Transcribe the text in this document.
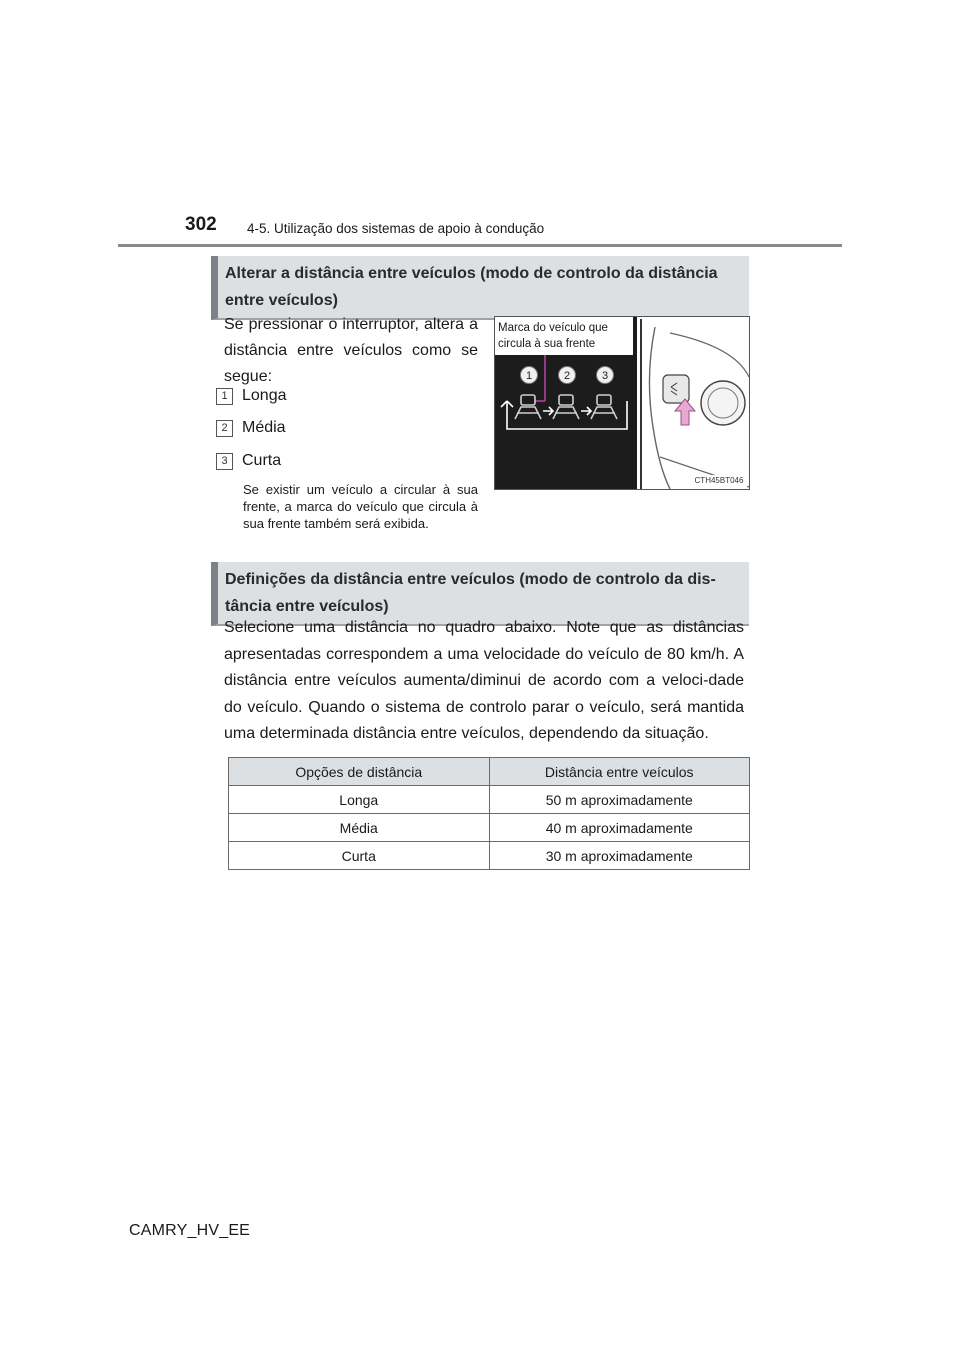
302 4-5. Utilização dos sistemas de apoio à condução
Alterar a distância entre veículos (modo de controlo da distância entre veículos)
Se pressionar o interruptor, altera a distância entre veículos como se segue:
1 Longa
2 Média
3 Curta
Se existir um veículo a circular à sua frente, a marca do veículo que circula à sua frente também será exibida.
1	2	3
Marca do veículo que circula à sua frente
CTH45BT046
Definições da distância entre veículos (modo de controlo da dis-tância entre veículos)
Selecione uma distância no quadro abaixo. Note que as distâncias apresentadas correspondem a uma velocidade do veículo de 80 km/h. A distância entre veículos aumenta/diminui de acordo com a veloci-dade do veículo. Quando o sistema de controlo parar o veículo, será mantida uma determinada distância entre veículos, dependendo da situação.
Opções de distância	Distância entre veículos
Longa	50 m aproximadamente
Média	40 m aproximadamente
Curta	30 m aproximadamente
CAMRY_HV_EE
